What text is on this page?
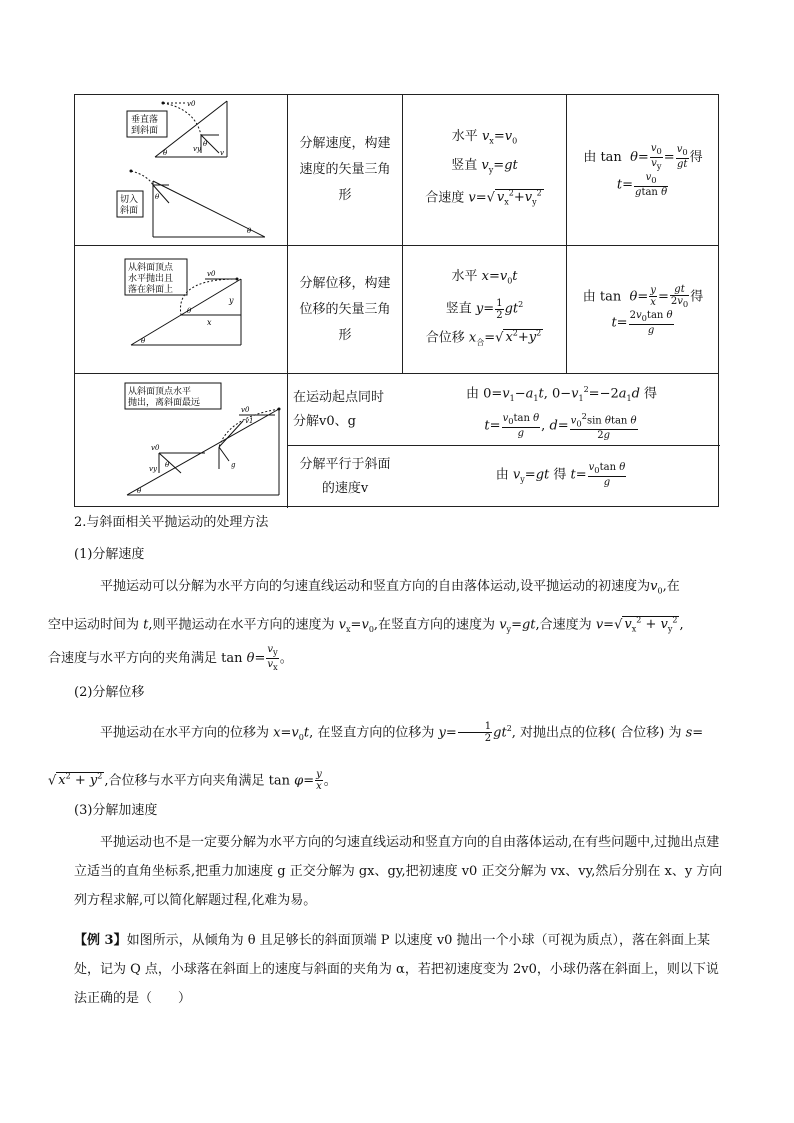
垂直落
到斜面
v0
θ
vy	v
θ
切入
斜面
θ
θ
分解速度，构建速度的矢量三角形
水平 $v_x=v_0$
竖直 $v_y=gt$
合速度 v=√ $v_x^2+v_y^2$
由 $\tan \theta= \frac{v_0}{v_y} = \frac{v_0}{gt}$ 得
$t= \frac{v_0}{\text{gtan θ}}$
从斜面顶点
水平抛出且
落在斜面上
v0
x
y
θ
θ
分解位移，构建位移的矢量三角形
水平 $x=v_0t$
竖直 $y= \frac{1}{2} gt^2$
合位移 $x_合=√$ $x^2+y^2$
由 $\tan \theta= \frac{y}{x} = \frac{gt}{2v_0}$ 得
$t= \frac{2v_0\tan \theta}{g}$
从斜面顶点水平
抛出，离斜面最远
v0
v1
g
v0
vy θ
θ
在运动起点同时分解v0、g
分解平行于斜面的速度v
由 $0=v_1-a_1t$, $0-v_1^2=-2a_1d$ 得
$t= \frac{v_0\tan \theta}{g}$ , $d= \frac{v_0^2\sin \theta\tan \theta}{2g}$
由 $v_y=gt$ 得 $t= \frac{v_0\tan \theta}{g}$
2.与斜面相关平抛运动的处理方法
(1)分解速度
平抛运动可以分解为水平方向的匀速直线运动和竖直方向的自由落体运动,设平抛运动的初速度为$v_0$,在
空中运动时间为 t,则平抛运动在水平方向的速度为 $v_x=v_0$,在竖直方向的速度为 $v_y=gt$,合速度为 v=√ $v_x^2 + v_y^2$ ,
合速度与水平方向的夹角满足 $\tan \theta= \frac{v_y}{v_x}$ 。
(2)分解位移
平抛运动在水平方向的位移为 $x=v_0t$, 在竖直方向的位移为 $y= \frac{1}{2} gt^2$, 对抛出点的位移( 合位移) 为 s=
√ $x^2 + y^2$ ,合位移与水平方向夹角满足 $\tan \varphi= \frac{y}{x}$ 。
(3)分解加速度
平抛运动也不是一定要分解为水平方向的匀速直线运动和竖直方向的自由落体运动,在有些问题中,过抛出点建立适当的直角坐标系,把重力加速度 g 正交分解为 gx、gy,把初速度 v0 正交分解为 vx、vy,然后分别在 x、y 方向列方程求解,可以简化解题过程,化难为易。
【例 3】如图所示，从倾角为 θ 且足够长的斜面顶端 P 以速度 v0 抛出一个小球（可视为质点），落在斜面上某处，记为 Q 点，小球落在斜面上的速度与斜面的夹角为 α，若把初速度变为 2v0，小球仍落在斜面上，则以下说法正确的是（　　）
